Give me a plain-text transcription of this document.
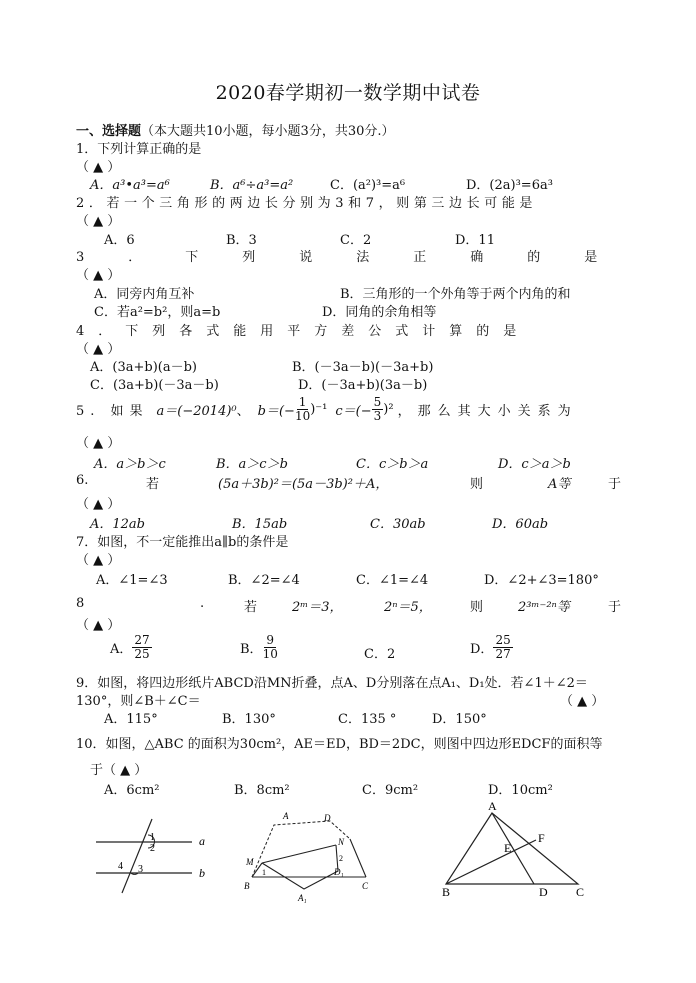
2020春学期初一数学期中试卷
一、选择题（本大题共10小题，每小题3分，共30分.）
1．下列计算正确的是
（ ▲ ）
A．a³•a³=a⁶	B．a⁶÷a³=a²	C．(a²)³=a⁶	D．(2a)³=6a³
2．若一个三角形的两边长分别为3和7，则第三边长可能是
（ ▲ ）
A．6	B．3	C．2	D．11
3．下列说法正确的是
（ ▲ ）
A．同旁内角互补	B．三角形的一个外角等于两个内角的和
C．若a²=b²，则a=b	D．同角的余角相等
4．下列各式能用平方差公式计算的是
（ ▲ ）
A．(3a+b)(a－b)	B．(－3a－b)(－3a+b)
C．(3a+b)(－3a－b)	D．(－3a+b)(3a－b)
5. 如果 a＝(−2014)⁰ 、 $b=(- \frac{1}{10} )^{-1}$ $c=(- \frac{5}{3} )^2$ ，那么其大小关系为
（ ▲ ）
A．a＞b＞c	B．a＞c＞b	C．c＞b＞a	D．c＞a＞b
6.	若	(5a＋3b)²＝(5a－3b)²＋A，	则	A等	于
（ ▲ ）
A．12ab	B．15ab	C．30ab	D．60ab
7．如图，不一定能推出a∥b的条件是
（ ▲ ）
A．∠1=∠3	B．∠2=∠4	C．∠1=∠4	D．∠2+∠3=180°
8	.	若	2ᵐ＝3，	2ⁿ＝5，	则	2³ᵐ⁻²ⁿ等	于
（ ▲ ）
A． $\frac{27}{25}$	B． $\frac{9}{10}$	C．2	D． $\frac{25}{27}$
9．如图，将四边形纸片ABCD沿MN折叠，点A、D分别落在点A₁、D₁处．若∠1＋∠2＝
130°，则∠B＋∠C＝	（ ▲ ）
A．115°	B．130°	C．135 °	D．150°
10．如图，△ABC 的面积为30cm²，AE＝ED，BD＝2DC，则图中四边形EDCF的面积等
于（ ▲ ）
A．6cm²	B．8cm²	C．9cm²	D．10cm²
1
2
4 3
a
b
A	D
N
M
B	C
A₁
D₁
1
2
A
B	C
D
E
F
